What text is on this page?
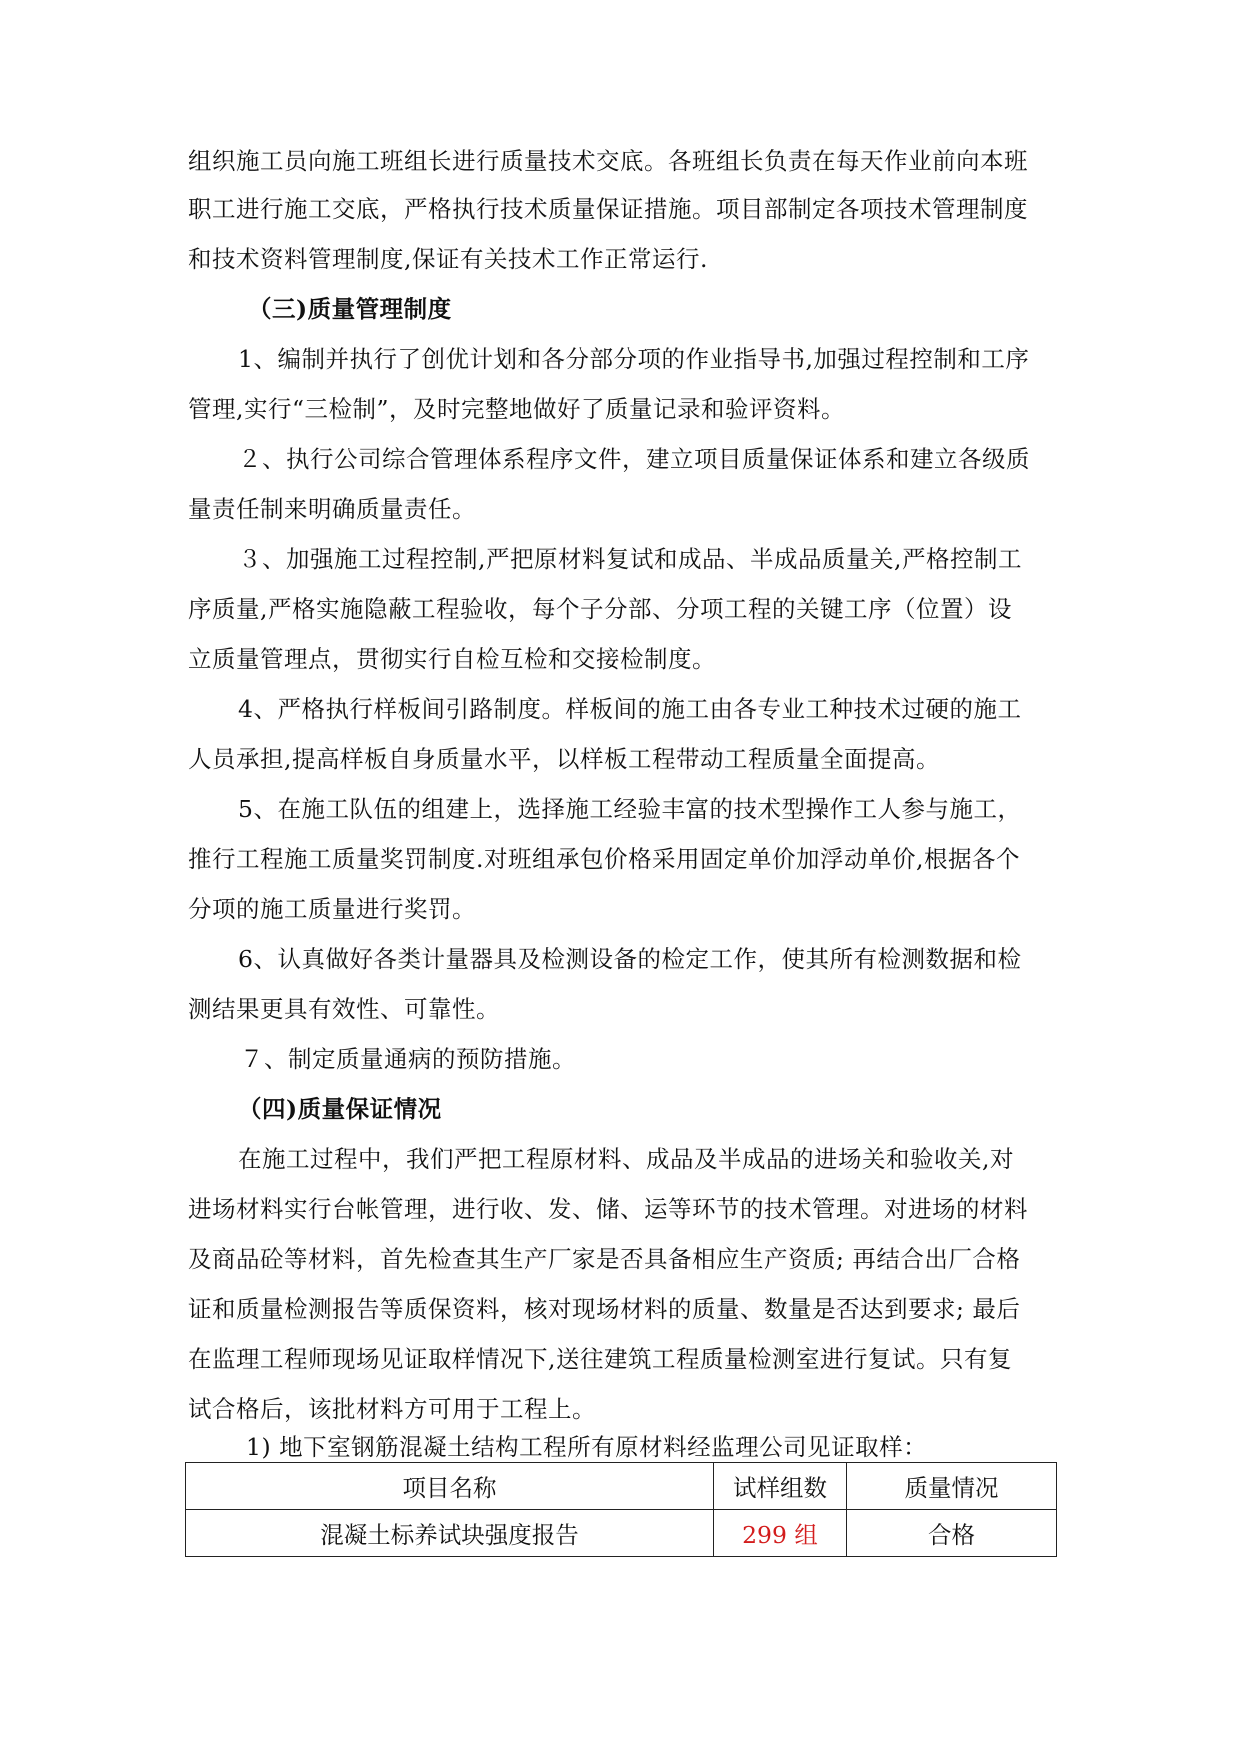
组织施工员向施工班组长进行质量技术交底。各班组长负责在每天作业前向本班
职工进行施工交底，严格执行技术质量保证措施。项目部制定各项技术管理制度
和技术资料管理制度,保证有关技术工作正常运行.
（三)质量管理制度
1、编制并执行了创优计划和各分部分项的作业指导书,加强过程控制和工序
管理,实行“三检制”，及时完整地做好了质量记录和验评资料。
２、执行公司综合管理体系程序文件，建立项目质量保证体系和建立各级质
量责任制来明确质量责任。
３、加强施工过程控制,严把原材料复试和成品、半成品质量关,严格控制工
序质量,严格实施隐蔽工程验收，每个子分部、分项工程的关键工序（位置）设
立质量管理点，贯彻实行自检互检和交接检制度。
4、严格执行样板间引路制度。样板间的施工由各专业工种技术过硬的施工
人员承担,提高样板自身质量水平，以样板工程带动工程质量全面提高。
5、在施工队伍的组建上，选择施工经验丰富的技术型操作工人参与施工，
推行工程施工质量奖罚制度.对班组承包价格采用固定单价加浮动单价,根据各个
分项的施工质量进行奖罚。
6、认真做好各类计量器具及检测设备的检定工作，使其所有检测数据和检
测结果更具有效性、可靠性。
７、制定质量通病的预防措施。
（四)质量保证情况
在施工过程中，我们严把工程原材料、成品及半成品的进场关和验收关,对
进场材料实行台帐管理，进行收、发、储、运等环节的技术管理。对进场的材料
及商品砼等材料，首先检查其生产厂家是否具备相应生产资质; 再结合出厂合格
证和质量检测报告等质保资料，核对现场材料的质量、数量是否达到要求; 最后
在监理工程师现场见证取样情况下,送往建筑工程质量检测室进行复试。只有复
试合格后，该批材料方可用于工程上。
1) 地下室钢筋混凝土结构工程所有原材料经监理公司见证取样：
项目名称	试样组数	质量情况
混凝土标养试块强度报告	299 组	合格
